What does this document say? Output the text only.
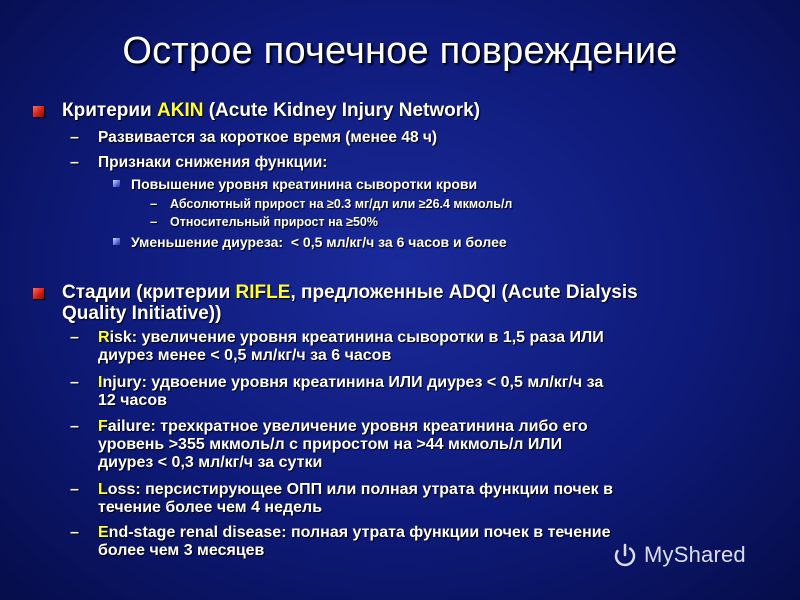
Острое почечное повреждение
Критерии AKIN (Acute Kidney Injury Network)
– Развивается за короткое время (менее 48 ч)
– Признаки снижения функции:
Повышение уровня креатинина сыворотки крови
– Абсолютный прирост на ≥0.3 мг/дл или ≥26.4 мкмоль/л
– Относительный прирост на ≥50%
Уменьшение диуреза: < 0,5 мл/кг/ч за 6 часов и более
Стадии (критерии RIFLE, предложенные ADQI (Acute Dialysis
Quality Initiative))
– Risk: увеличение уровня креатинина сыворотки в 1,5 раза ИЛИ
диурез менее < 0,5 мл/кг/ч за 6 часов
– Injury: удвоение уровня креатинина ИЛИ диурез < 0,5 мл/кг/ч за
12 часов
– Failure: трехкратное увеличение уровня креатинина либо его
уровень >355 мкмоль/л с приростом на >44 мкмоль/л ИЛИ
диурез < 0,3 мл/кг/ч за сутки
– Loss: персистирующее ОПП или полная утрата функции почек в
течение более чем 4 недель
– End-stage renal disease: полная утрата функции почек в течение
более чем 3 месяцев	MyShared
